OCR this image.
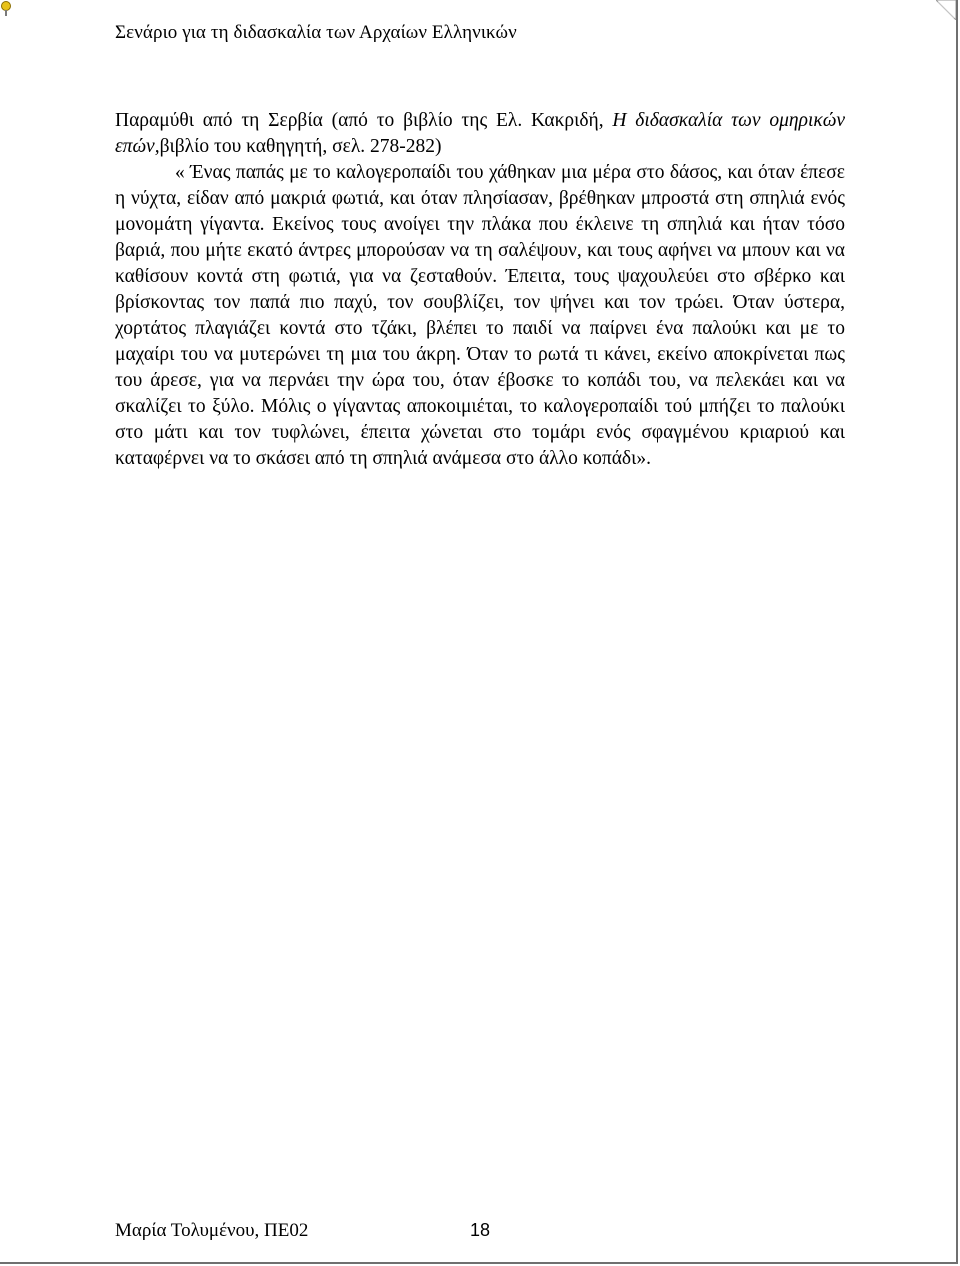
Σενάριο για τη διδασκαλία των Αρχαίων Ελληνικών
Παραμύθι από τη Σερβία (από το βιβλίο της Ελ. Κακριδή, Η διδασκαλία των ομηρικών επών,βιβλίο του καθηγητή, σελ. 278-282)

« Ένας παπάς με το καλογεροπαίδι του χάθηκαν μια μέρα στο δάσος, και όταν έπεσε η νύχτα, είδαν από μακριά φωτιά, και όταν πλησίασαν, βρέθηκαν μπροστά στη σπηλιά ενός μονομάτη γίγαντα. Εκείνος τους ανοίγει την πλάκα που έκλεινε τη σπηλιά και ήταν τόσο βαριά, που μήτε εκατό άντρες μπορούσαν να τη σαλέψουν, και τους αφήνει να μπουν και να καθίσουν κοντά στη φωτιά, για να ζεσταθούν. Έπειτα, τους ψαχουλεύει στο σβέρκο και βρίσκοντας τον παπά πιο παχύ, τον σουβλίζει, τον ψήνει και τον τρώει. Όταν ύστερα, χορτάτος πλαγιάζει κοντά στο τζάκι, βλέπει το παιδί να παίρνει ένα παλούκι και με το μαχαίρι του να μυτερώνει τη μια του άκρη. Όταν το ρωτά τι κάνει, εκείνο αποκρίνεται πως του άρεσε, για να περνάει την ώρα του, όταν έβοσκε το κοπάδι του, να πελεκάει και να σκαλίζει το ξύλο. Μόλις ο γίγαντας αποκοιμιέται, το καλογεροπαίδι τού μπήζει το παλούκι στο μάτι και τον τυφλώνει, έπειτα χώνεται στο τομάρι ενός σφαγμένου κριαριού και καταφέρνει να το σκάσει από τη σπηλιά ανάμεσα στο άλλο κοπάδι».

Μαρία Τολυμένου, ΠΕ02	18
